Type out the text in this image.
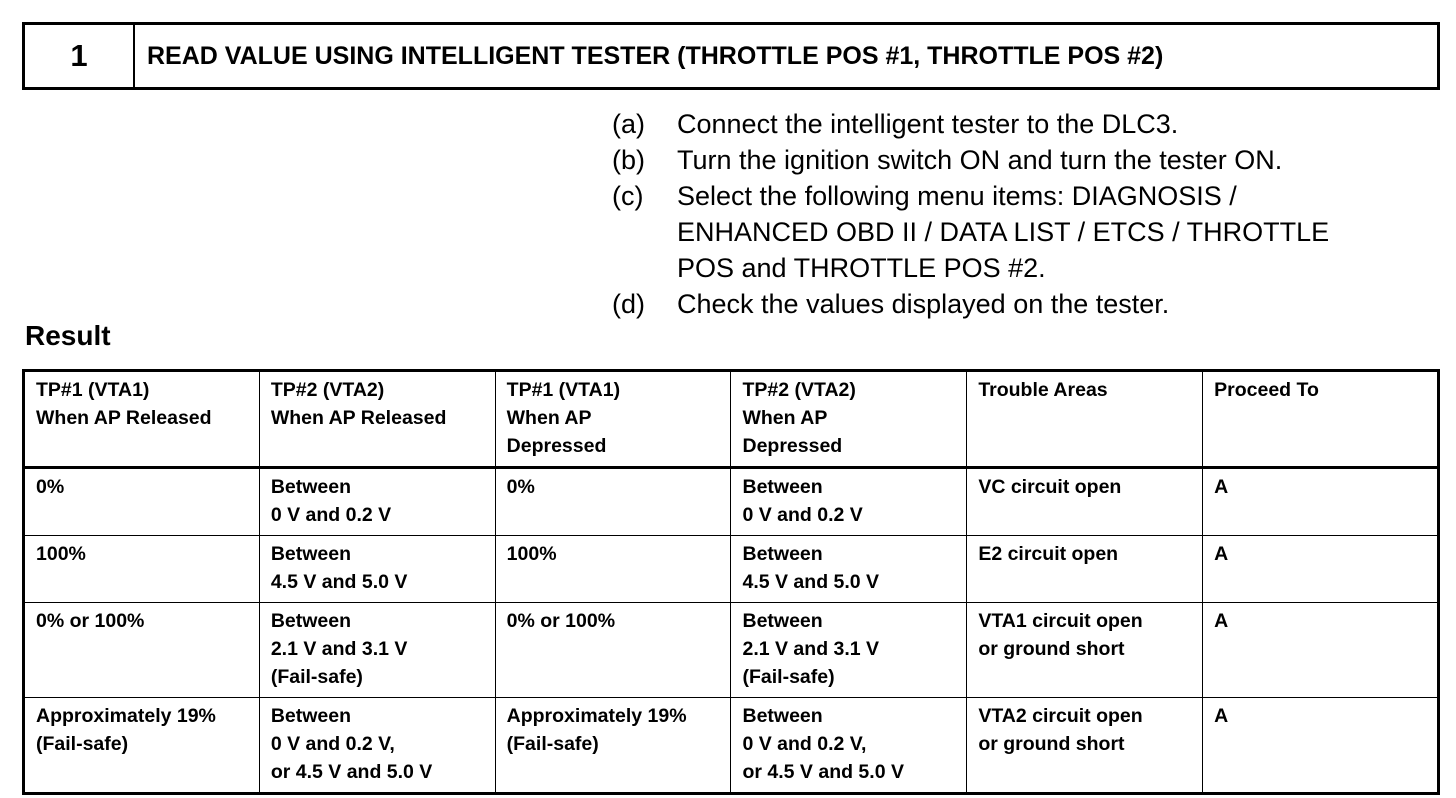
1	READ VALUE USING INTELLIGENT TESTER (THROTTLE POS #1, THROTTLE POS #2)
(a)	Connect the intelligent tester to the DLC3.
(b)	Turn the ignition switch ON and turn the tester ON.
(c)	Select the following menu items: DIAGNOSIS /
ENHANCED OBD II / DATA LIST / ETCS / THROTTLE
POS and THROTTLE POS #2.
(d)	Check the values displayed on the tester.
Result
TP#1 (VTA1)
When AP Released	TP#2 (VTA2)
When AP Released	TP#1 (VTA1)
When AP
Depressed	TP#2 (VTA2)
When AP
Depressed	Trouble Areas	Proceed To

0%	Between
0 V and 0.2 V	0%	Between
0 V and 0.2 V	VC circuit open	A

100%	Between
4.5 V and 5.0 V	100%	Between
4.5 V and 5.0 V	E2 circuit open	A

0% or 100%	Between
2.1 V and 3.1 V
(Fail-safe)	0% or 100%	Between
2.1 V and 3.1 V
(Fail-safe)	VTA1 circuit open
or ground short	A

Approximately 19%
(Fail-safe)	Between
0 V and 0.2 V,
or 4.5 V and 5.0 V	Approximately 19%
(Fail-safe)	Between
0 V and 0.2 V,
or 4.5 V and 5.0 V	VTA2 circuit open
or ground short	A
